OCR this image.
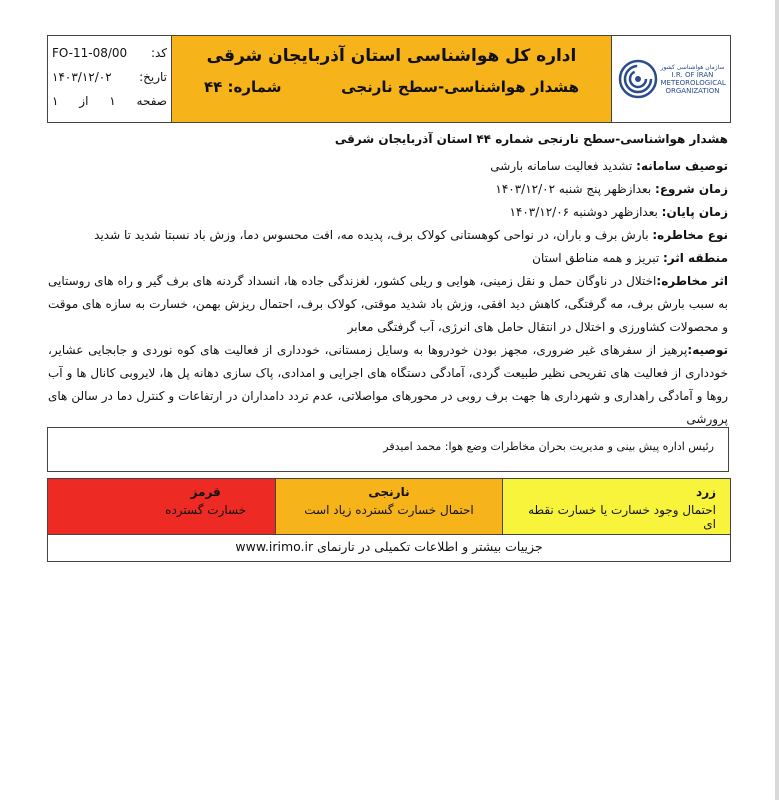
کد:
FO-11-08/00
تاریخ:
۱۴۰۳/۱۲/۰۲
صفحه
۱
از
۱
اداره کل هواشناسی استان آذربایجان شرقی
هشدار هواشناسی-سطح نارنجی
شماره: ۴۴
سازمان هواشناسی کشور
I.R. OF IRAN METEOROLOGICAL ORGANIZATION
هشدار هواشناسی-سطح نارنجی شماره ۴۴ استان آذربایجان شرقی
توصیف سامانه: تشدید فعالیت سامانه بارشی
زمان شروع: بعدازظهر پنج شنبه ۱۴۰۳/۱۲/۰۲
زمان پایان: بعدازظهر دوشنبه ۱۴۰۳/۱۲/۰۶
نوع مخاطره: بارش برف و باران، در نواحی کوهستانی کولاک برف، پدیده مه، افت محسوس دما، وزش باد نسبتا شدید تا شدید
منطقه اثر: تبریز و همه مناطق استان
اثر مخاطره:اختلال در ناوگان حمل و نقل زمینی، هوایی و ریلی کشور، لغزندگی جاده ها، انسداد گردنه های برف گیر و راه های روستایی به سبب بارش برف، مه گرفتگی، کاهش دید افقی، وزش باد شدید موقتی، کولاک برف، احتمال ریزش بهمن، خسارت به سازه های موقت و محصولات کشاورزی و اختلال در انتقال حامل های انرژی، آب گرفتگی معابر
توصیه:پرهیز از سفرهای غیر ضروری، مجهز بودن خودروها به وسایل زمستانی، خودداری از فعالیت های کوه نوردی و جابجایی عشایر، خودداری از فعالیت های تفریحی نظیر طبیعت گردی، آمادگی دستگاه های اجرایی و امدادی، پاک سازی دهانه پل ها، لایروبی کانال ها و آب روها و آمادگی راهداری و شهرداری ها جهت برف روبی در محورهای مواصلاتی، عدم تردد دامداران در ارتفاعات و کنترل دما در سالن های پرورشی
رئیس اداره پیش بینی و مدیریت بحران مخاطرات وضع هوا: محمد امیدفر
قرمز
خسارت گسترده
نارنجی
احتمال خسارت گسترده زیاد است
زرد
احتمال وجود خسارت یا خسارت نقطه ای
جزییات بیشتر و اطلاعات تکمیلی در تارنمای www.irimo.ir
